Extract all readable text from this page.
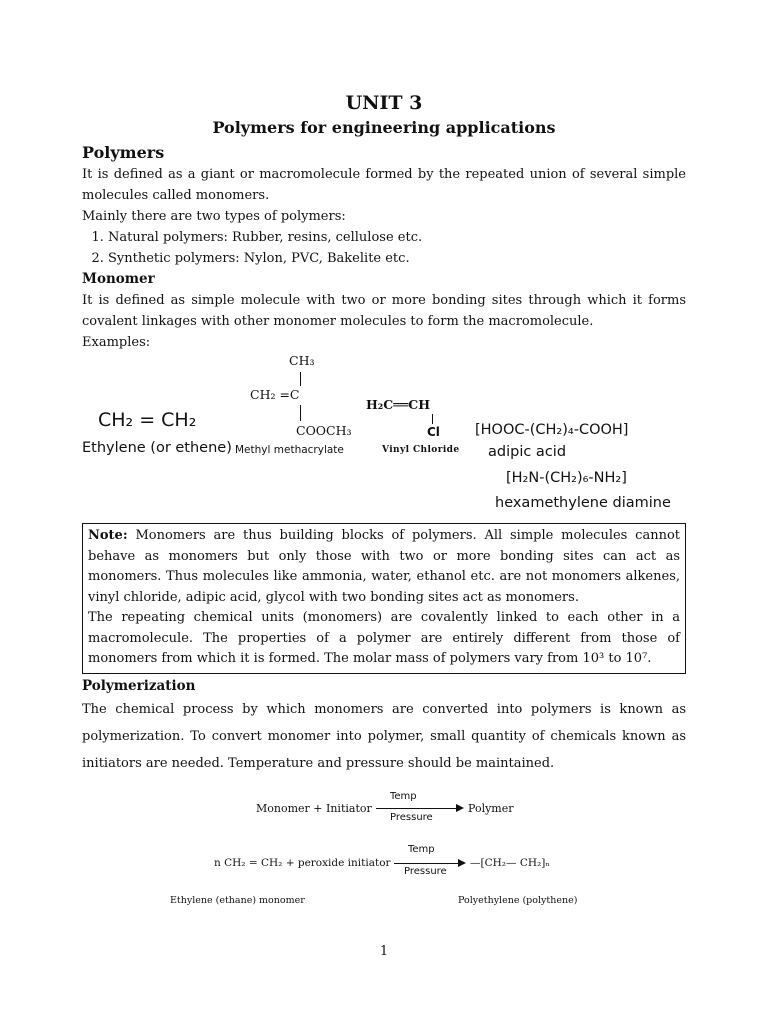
UNIT 3
Polymers for engineering applications
Polymers

It is defined as a giant or macromolecule formed by the repeated union of several simple molecules called monomers.

Mainly there are two types of polymers:

1. Natural polymers: Rubber, resins, cellulose etc.
2. Synthetic polymers: Nylon, PVC, Bakelite etc.
Monomer

It is defined as simple molecule with two or more bonding sites through which it forms covalent linkages with other monomer molecules to form the macromolecule.

Examples:

CH₂ = CH₂
Ethylene (or ethene)
CH₃
CH₂ =C
COOCH₃
Methyl methacrylate
H₂C══CH
Cl
Vinyl Chloride
[HOOC-(CH₂)₄-COOH]
adipic acid
[H₂N-(CH₂)₆-NH₂]
hexamethylene diamine

Note: Monomers are thus building blocks of polymers. All simple molecules cannot behave as monomers but only those with two or more bonding sites can act as monomers. Thus molecules like ammonia, water, ethanol etc. are not monomers alkenes, vinyl chloride, adipic acid, glycol with two bonding sites act as monomers.

The repeating chemical units (monomers) are covalently linked to each other in a macromolecule. The properties of a polymer are entirely different from those of monomers from which it is formed. The molar mass of polymers vary from 10³ to 10⁷.

Polymerization

The chemical process by which monomers are converted into polymers is known as polymerization. To convert monomer into polymer, small quantity of chemicals known as initiators are needed. Temperature and pressure should be maintained.

Monomer + Initiator
Temp
Pressure
Polymer
n CH₂ = CH₂ + peroxide initiator
Temp
Pressure
—[CH₂— CH₂]ₙ
Ethylene (ethane) monomer	Polyethylene (polythene)
1
